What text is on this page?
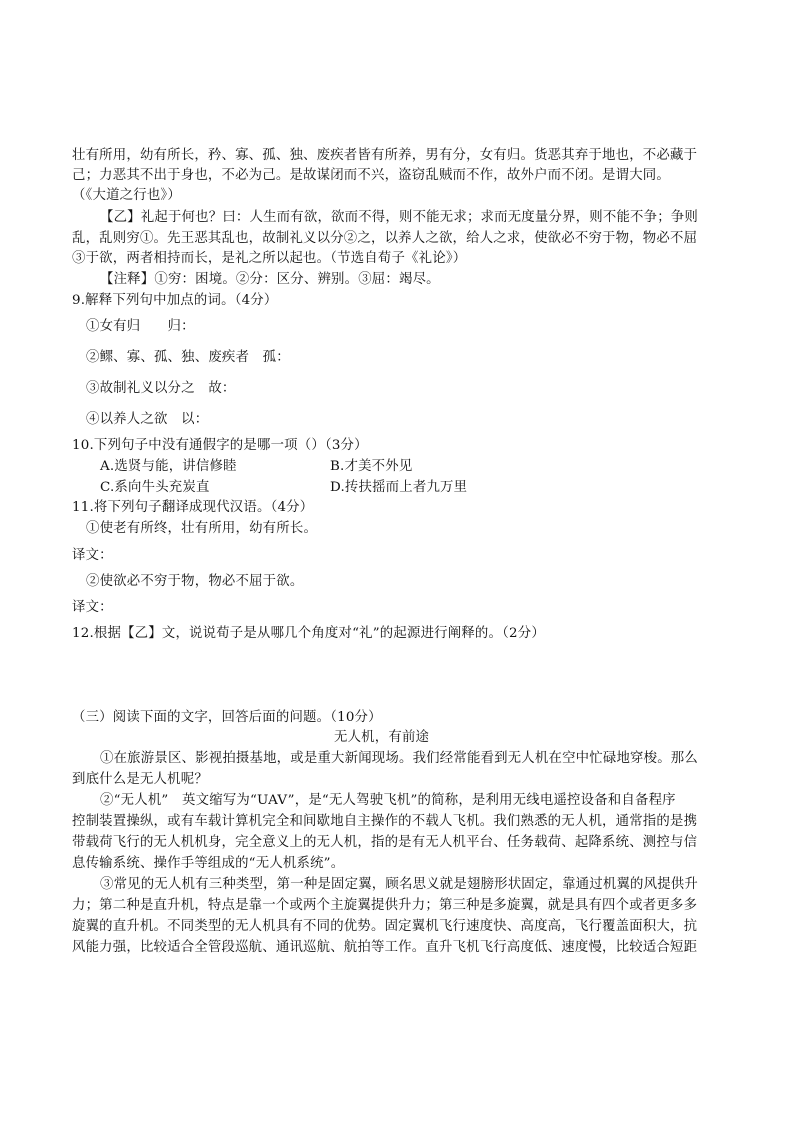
壮有所用，幼有所长，矜、寡、孤、独、废疾者皆有所养，男有分，女有归。货恶其弃于地也，不必藏于
己；力恶其不出于身也，不必为己。是故谋闭而不兴，盗窃乱贼而不作，故外户而不闭。是谓大同。
（《大道之行也》）
【乙】礼起于何也？曰：人生而有欲，欲而不得，则不能无求；求而无度量分界，则不能不争；争则
乱，乱则穷①。先王恶其乱也，故制礼义以分②之，以养人之欲，给人之求，使欲必不穷于物，物必不屈
③于欲，两者相持而长，是礼之所以起也。（节选自荀子《礼论》）
【注释】①穷：困境。②分：区分、辨别。③屈：竭尽。
9.解释下列句中加点的词。（4分）
①女有归　　归：
②鳏、寡、孤、独、废疾者　孤：
③故制礼义以分之　故：
④以养人之欲　以：
10.下列句子中没有通假字的是哪一项（）（3分）
A.选贤与能，讲信修睦	B.才美不外见
C.系向牛头充炭直	D.抟扶摇而上者九万里
11.将下列句子翻译成现代汉语。（4分）
①使老有所终，壮有所用，幼有所长。
译文：
②使欲必不穷于物，物必不屈于欲。
译文：
12.根据【乙】文，说说荀子是从哪几个角度对“礼”的起源进行阐释的。（2分）
（三）阅读下面的文字，回答后面的问题。（10分）
无人机，有前途
①在旅游景区、影视拍摄基地，或是重大新闻现场。我们经常能看到无人机在空中忙碌地穿梭。那么
到底什么是无人机呢？
②“无人机”　英文缩写为“UAV”，是“无人驾驶飞机”的简称，是利用无线电遥控设备和自备程序
控制装置操纵，或有车载计算机完全和间歇地自主操作的不载人飞机。我们熟悉的无人机，通常指的是携
带载荷飞行的无人机机身，完全意义上的无人机，指的是有无人机平台、任务载荷、起降系统、测控与信
息传输系统、操作手等组成的“无人机系统”。
③常见的无人机有三种类型，第一种是固定翼，顾名思义就是翅膀形状固定，靠通过机翼的风提供升
力；第二种是直升机，特点是靠一个或两个主旋翼提供升力；第三种是多旋翼，就是具有四个或者更多多
旋翼的直升机。不同类型的无人机具有不同的优势。固定翼机飞行速度快、高度高，飞行覆盖面积大，抗
风能力强，比较适合全管段巡航、通讯巡航、航拍等工作。直升飞机飞行高度低、速度慢，比较适合短距
